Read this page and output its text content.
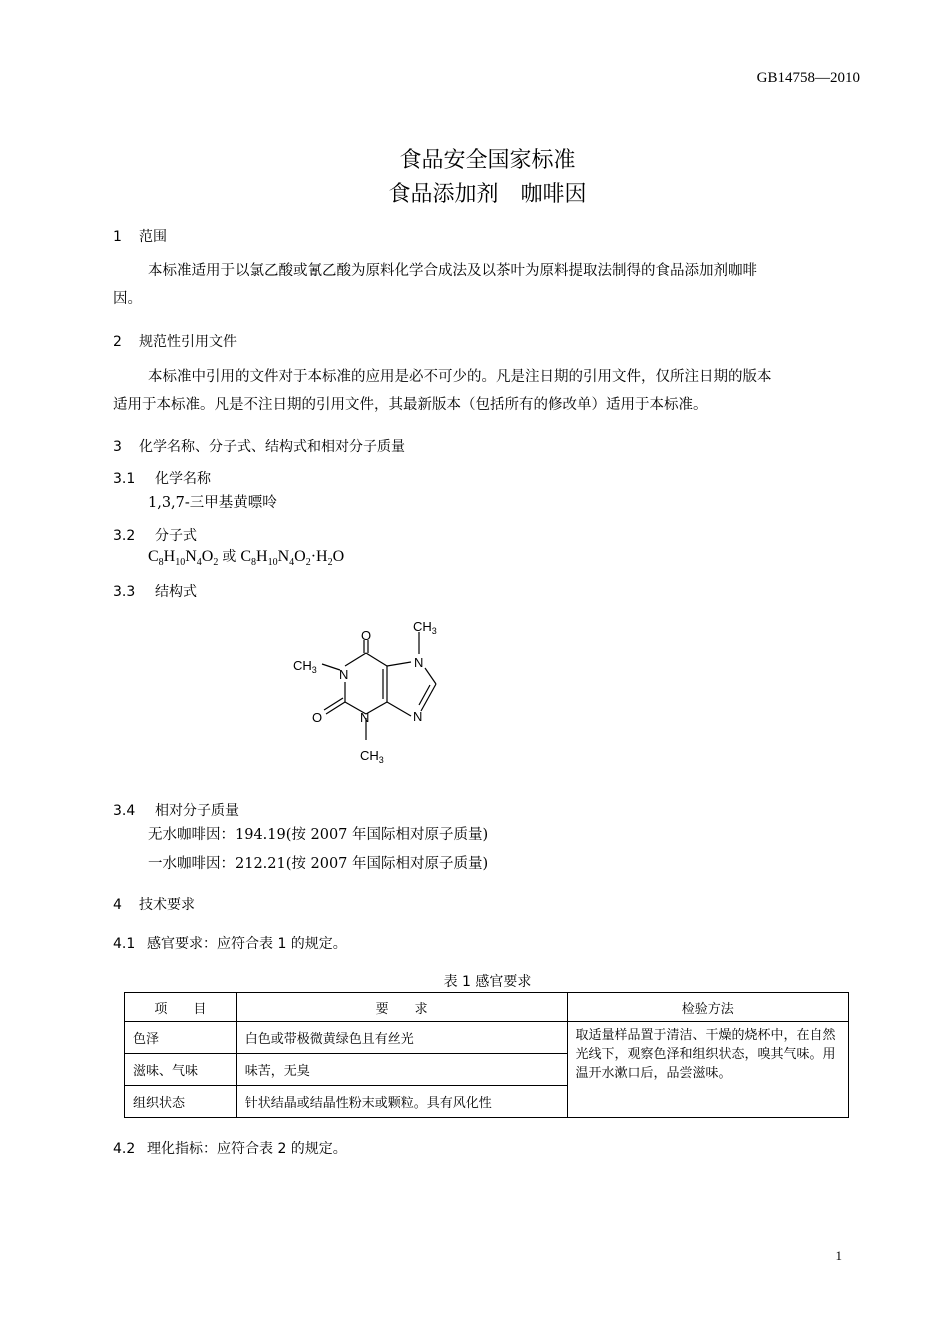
GB14758—2010
食品安全国家标准
食品添加剂　咖啡因
1 范围
本标准适用于以氯乙酸或氰乙酸为原料化学合成法及以茶叶为原料提取法制得的食品添加剂咖啡
因。
2 规范性引用文件
本标准中引用的文件对于本标准的应用是必不可少的。凡是注日期的引用文件，仅所注日期的版本
适用于本标准。凡是不注日期的引用文件，其最新版本（包括所有的修改单）适用于本标准。
3 化学名称、分子式、结构式和相对分子质量
3.1 化学名称
1,3,7-三甲基黄嘌呤
3.2 分子式
$C_8H_{10}N_4O_2$ 或 $C_8H_{10}N_4O_2\cdot H_2O$
3.3 结构式
O
$CH_3$
$CH_3$ N
N
N
N
O
$CH_3$
3.4 相对分子质量
无水咖啡因：194.19(按 2007 年国际相对原子质量)
一水咖啡因：212.21(按 2007 年国际相对原子质量)
4 技术要求
4.1 感官要求：应符合表 1 的规定。
表 1 感官要求
项　　目	要　　求	检验方法
色泽	白色或带极微黄绿色且有丝光	取适量样品置于清洁、干燥的烧杯中，在自然光线下，观察色泽和组织状态，嗅其气味。用温开水漱口后，品尝滋味。
滋味、气味	味苦，无臭	
组织状态	针状结晶或结晶性粉末或颗粒。具有风化性	
4.2 理化指标：应符合表 2 的规定。
1
